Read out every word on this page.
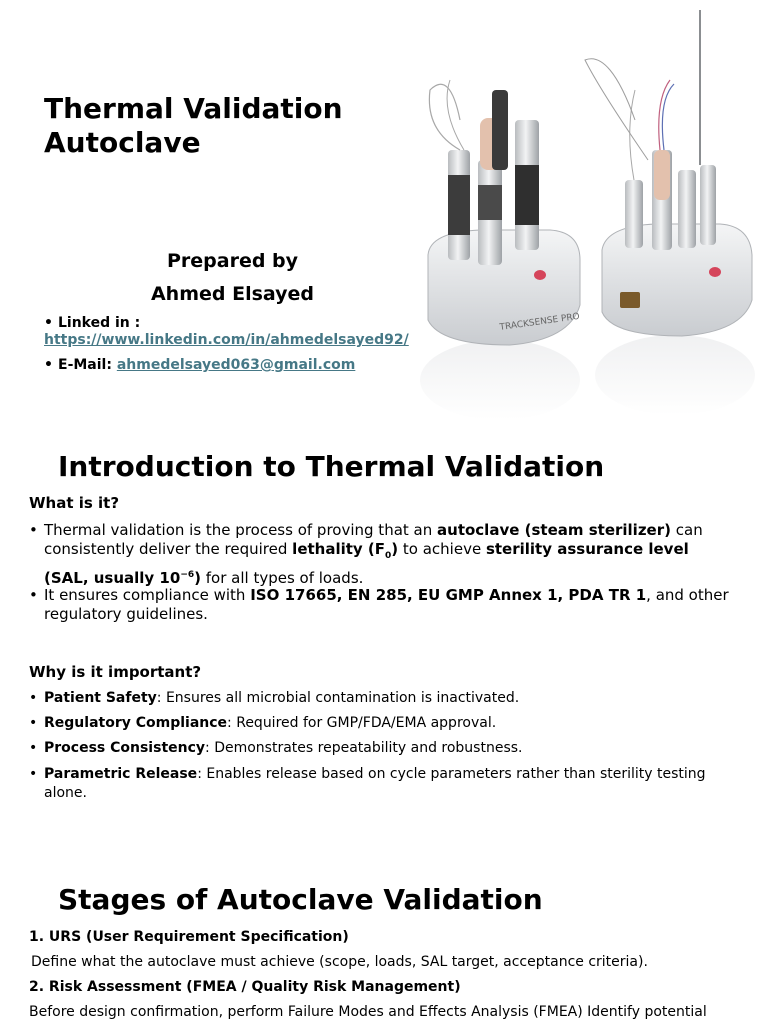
Thermal Validation
Autoclave
Prepared by
Ahmed Elsayed
• Linked in :
https://www.linkedin.com/in/ahmedelsayed92/
• E-Mail: ahmedelsayed063@gmail.com
TRACKSENSE PRO
Introduction to Thermal Validation
What is it?
• Thermal validation is the process of proving that an autoclave (steam sterilizer) can consistently deliver the required lethality $(F_0)$ to achieve sterility assurance level (SAL, usually $10^{-6}$) for all types of loads.
• It ensures compliance with ISO 17665, EN 285, EU GMP Annex 1, PDA TR 1, and other regulatory guidelines.
Why is it important?
• Patient Safety: Ensures all microbial contamination is inactivated.
• Regulatory Compliance: Required for GMP/FDA/EMA approval.
• Process Consistency: Demonstrates repeatability and robustness.
• Parametric Release: Enables release based on cycle parameters rather than sterility testing alone.
Stages of Autoclave Validation
1. URS (User Requirement Specification)
Define what the autoclave must achieve (scope, loads, SAL target, acceptance criteria).
2. Risk Assessment (FMEA / Quality Risk Management)
Before design confirmation, perform Failure Modes and Effects Analysis (FMEA) Identify potential
